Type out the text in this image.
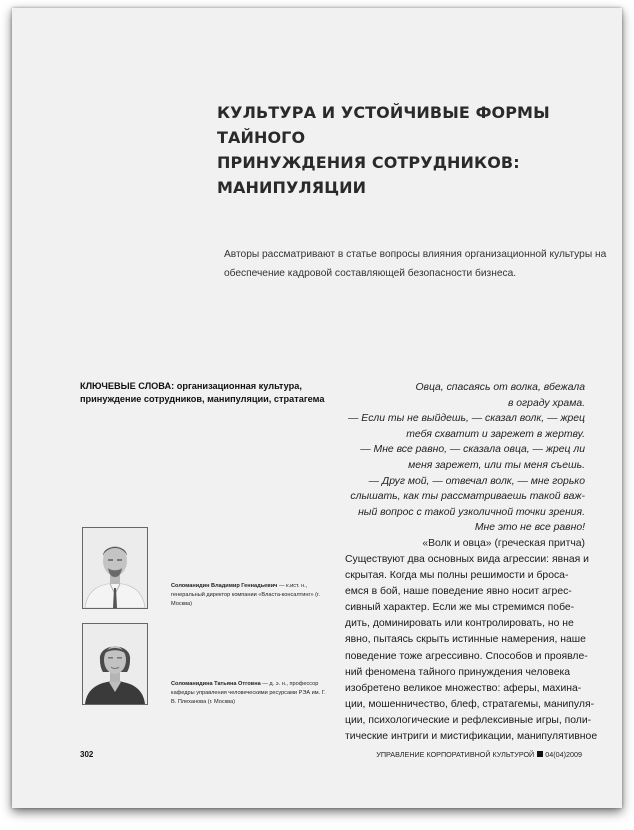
КУЛЬТУРА И УСТОЙЧИВЫЕ ФОРМЫ ТАЙНОГО
ПРИНУЖДЕНИЯ СОТРУДНИКОВ:
МАНИПУЛЯЦИИ
Авторы рассматривают в статье вопросы влияния организационной культуры на
обеспечение кадровой составляющей безопасности бизнеса.
КЛЮЧЕВЫЕ СЛОВА: организационная культура, принуждение сотрудников, манипуляции, стратагема
Овца, спасаясь от волка, вбежала
в ограду храма.
— Если ты не выйдешь, — сказал волк, — жрец
тебя схватит и зарежет в жертву.
— Мне все равно, — сказала овца, — жрец ли
меня зарежет, или ты меня съешь.
— Друг мой, — отвечал волк, — мне горько
слышать, как ты рассматриваешь такой важ-
ный вопрос с такой узколичной точки зрения.
Мне это не все равно!
«Волк и овца» (греческая притча)
Соломанидин Владимир Геннадьевич — к.ист. н., генеральный директор компании «Власта-консалтинг» (г. Москва)
Соломанидина Татьяна Отговна — д. э. н., профессор кафедры управления человеческими ресурсами РЭА им. Г. В. Плеханова (г. Москва)
Существуют два основных вида агрессии: явная и
скрытая. Когда мы полны решимости и броса-
емся в бой, наше поведение явно носит агрес-
сивный характер. Если же мы стремимся побе-
дить, доминировать или контролировать, но не
явно, пытаясь скрыть истинные намерения, наше
поведение тоже агрессивно. Способов и проявле-
ний феномена тайного принуждения человека
изобретено великое множество: аферы, махина-
ции, мошенничество, блеф, стратагемы, манипуля-
ции, психологические и рефлексивные игры, поли-
тические интриги и мистификации, манипулятивное
302	УПРАВЛЕНИЕ КОРПОРАТИВНОЙ КУЛЬТУРОЙ 04(04)2009
